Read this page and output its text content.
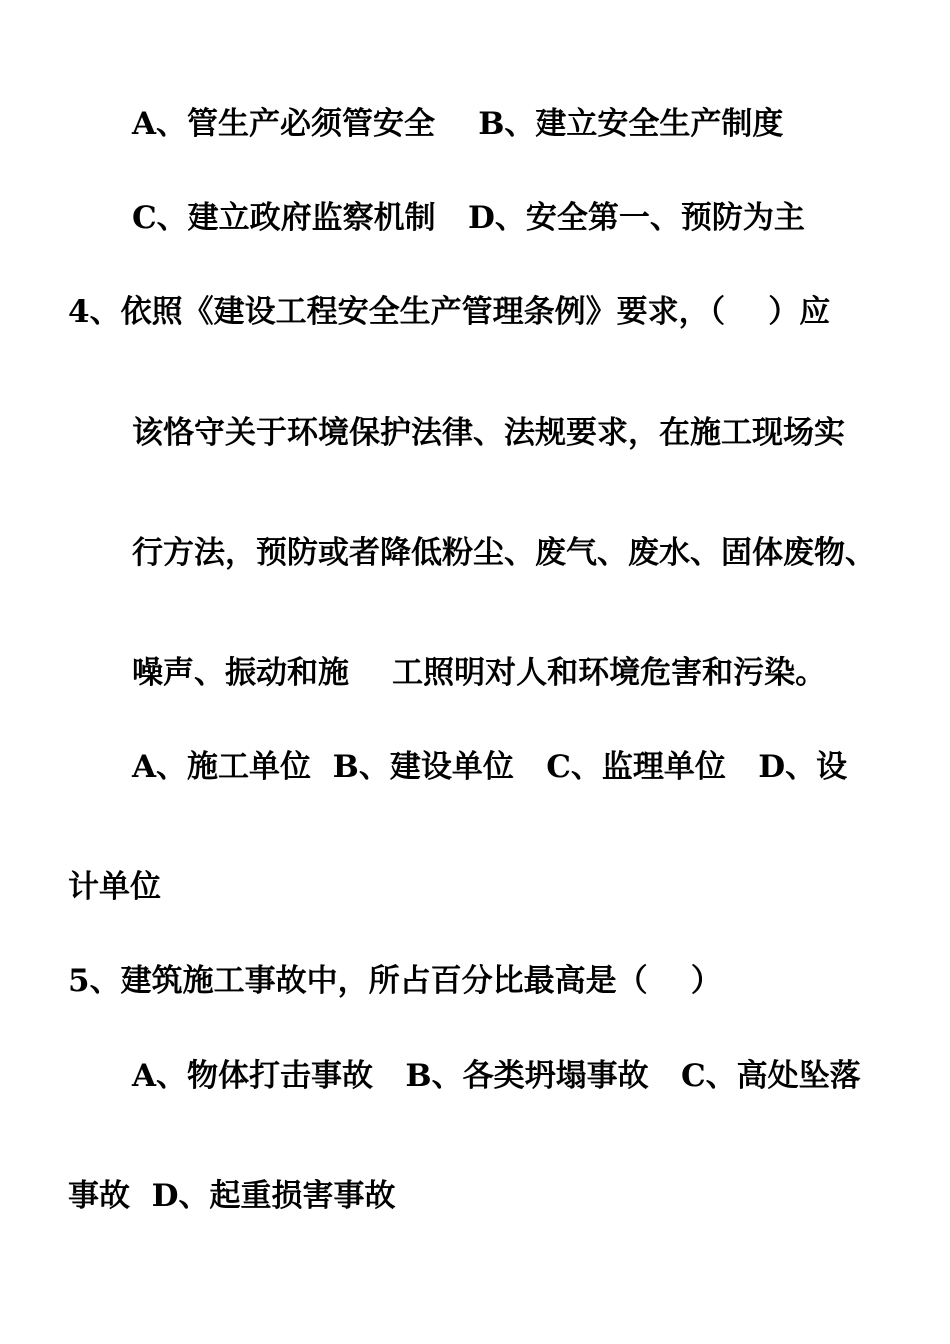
A、管生产必须管安全    B、建立安全生产制度

C、建立政府监察机制   D、安全第一、预防为主

4、依照《建设工程安全生产管理条例》要求，（    ）应

该恪守关于环境保护法律、法规要求，在施工现场实

行方法，预防或者降低粉尘、废气、废水、固体废物、

噪声、振动和施    工照明对人和环境危害和污染。

A、施工单位  B、建设单位   C、监理单位   D、设

计单位

5、建筑施工事故中，所占百分比最高是（    ）

A、物体打击事故   B、各类坍塌事故   C、高处坠落

事故  D、起重损害事故
